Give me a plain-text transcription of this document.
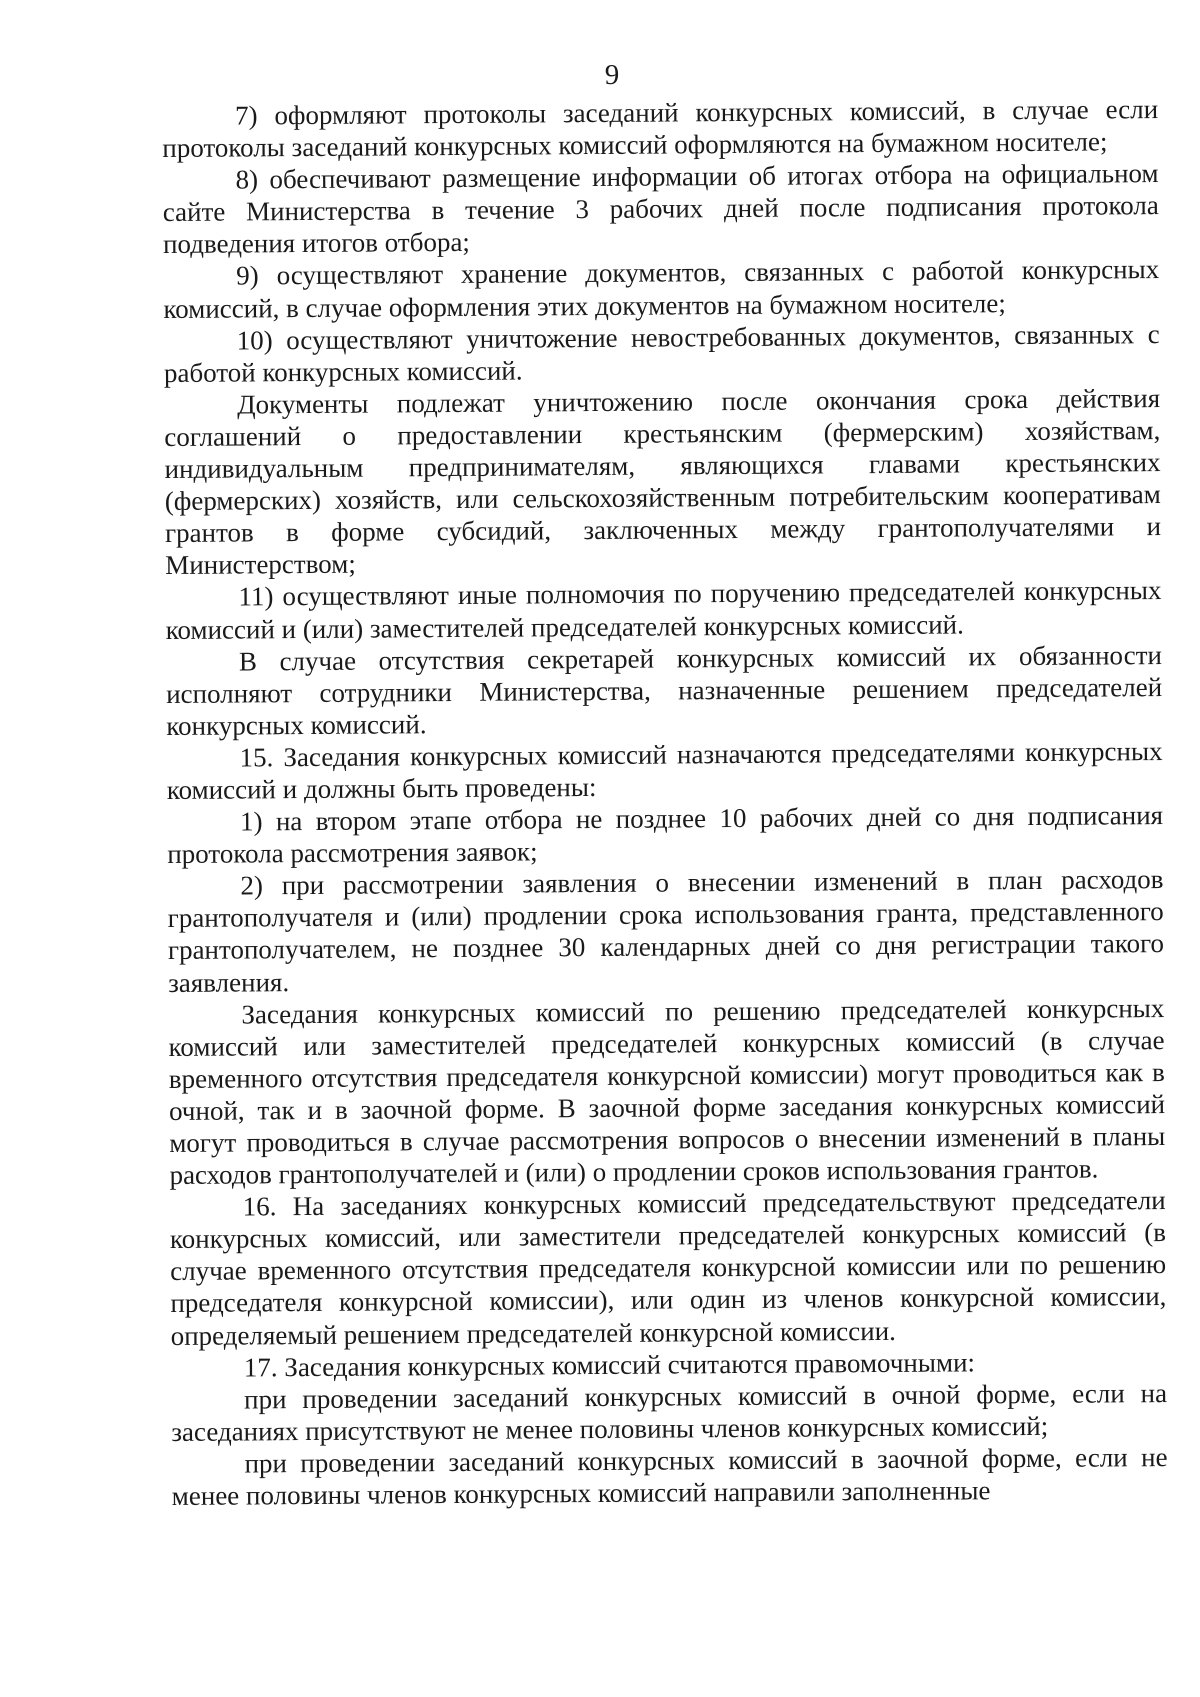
9

7) оформляют протоколы заседаний конкурсных комиссий, в случае если протоколы заседаний конкурсных комиссий оформляются на бумажном носителе;

8) обеспечивают размещение информации об итогах отбора на официальном сайте Министерства в течение 3 рабочих дней после подписания протокола подведения итогов отбора;

9) осуществляют хранение документов, связанных с работой конкурсных комиссий, в случае оформления этих документов на бумажном носителе;

10) осуществляют уничтожение невостребованных документов, связанных с работой конкурсных комиссий.

Документы подлежат уничтожению после окончания срока действия соглашений о предоставлении крестьянским (фермерским) хозяйствам, индивидуальным предпринимателям, являющихся главами крестьянских (фермерских) хозяйств, или сельскохозяйственным потребительским кооперативам грантов в форме субсидий, заключенных между грантополучателями и Министерством;

11) осуществляют иные полномочия по поручению председателей конкурсных комиссий и (или) заместителей председателей конкурсных комиссий.

В случае отсутствия секретарей конкурсных комиссий их обязанности исполняют сотрудники Министерства, назначенные решением председателей конкурсных комиссий.

15. Заседания конкурсных комиссий назначаются председателями конкурсных комиссий и должны быть проведены:

1) на втором этапе отбора не позднее 10 рабочих дней со дня подписания протокола рассмотрения заявок;

2) при рассмотрении заявления о внесении изменений в план расходов грантополучателя и (или) продлении срока использования гранта, представленного грантополучателем, не позднее 30 календарных дней со дня регистрации такого заявления.

Заседания конкурсных комиссий по решению председателей конкурсных комиссий или заместителей председателей конкурсных комиссий (в случае временного отсутствия председателя конкурсной комиссии) могут проводиться как в очной, так и в заочной форме. В заочной форме заседания конкурсных комиссий могут проводиться в случае рассмотрения вопросов о внесении изменений в планы расходов грантополучателей и (или) о продлении сроков использования грантов.

16. На заседаниях конкурсных комиссий председательствуют председатели конкурсных комиссий, или заместители председателей конкурсных комиссий (в случае временного отсутствия председателя конкурсной комиссии или по решению председателя конкурсной комиссии), или один из членов конкурсной комиссии, определяемый решением председателей конкурсной комиссии.

17. Заседания конкурсных комиссий считаются правомочными:

при проведении заседаний конкурсных комиссий в очной форме, если на заседаниях присутствуют не менее половины членов конкурсных комиссий;

при проведении заседаний конкурсных комиссий в заочной форме, если не менее половины членов конкурсных комиссий направили заполненные
